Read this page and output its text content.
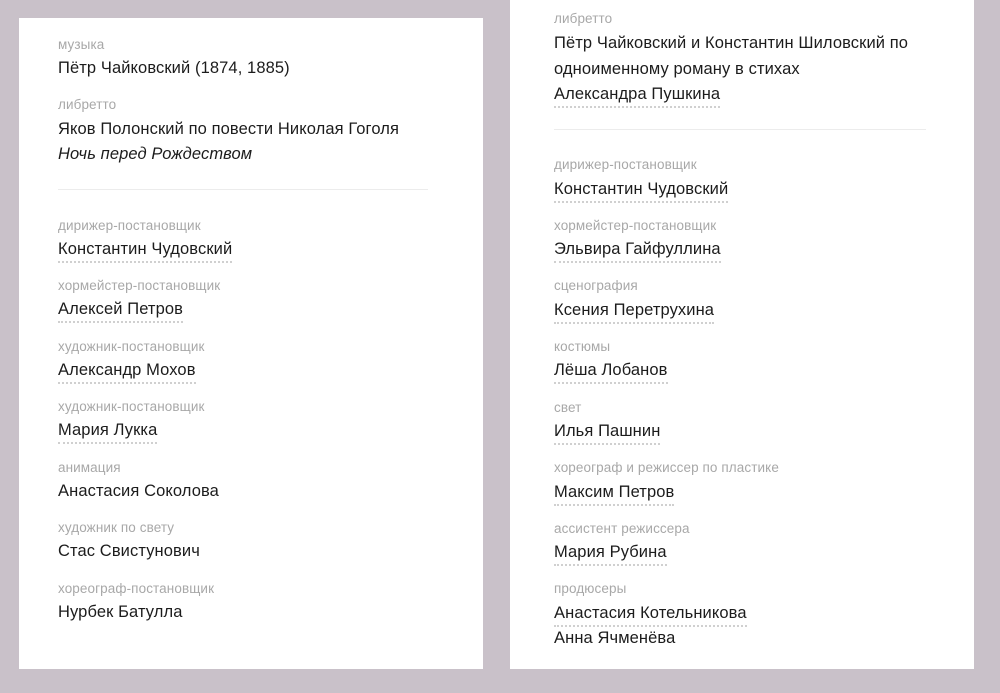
музыка
Пётр Чайковский (1874, 1885)
либретто
Яков Полонский по повести Николая Гоголя
Ночь перед Рождеством
дирижер-постановщик
Константин Чудовский
хормейстер-постановщик
Алексей Петров
художник-постановщик
Александр Мохов
художник-постановщик
Мария Лукка
анимация
Анастасия Соколова
художник по свету
Стас Свистунович
хореограф-постановщик
Нурбек Батулла
либретто
Пётр Чайковский и Константин Шиловский по
одноименному роману в стихах
Александра Пушкина
дирижер-постановщик
Константин Чудовский
хормейстер-постановщик
Эльвира Гайфуллина
сценография
Ксения Перетрухина
костюмы
Лёша Лобанов
свет
Илья Пашнин
хореограф и режиссер по пластике
Максим Петров
ассистент режиссера
Мария Рубина
продюсеры
Анастасия Котельникова
Анна Ячменёва
